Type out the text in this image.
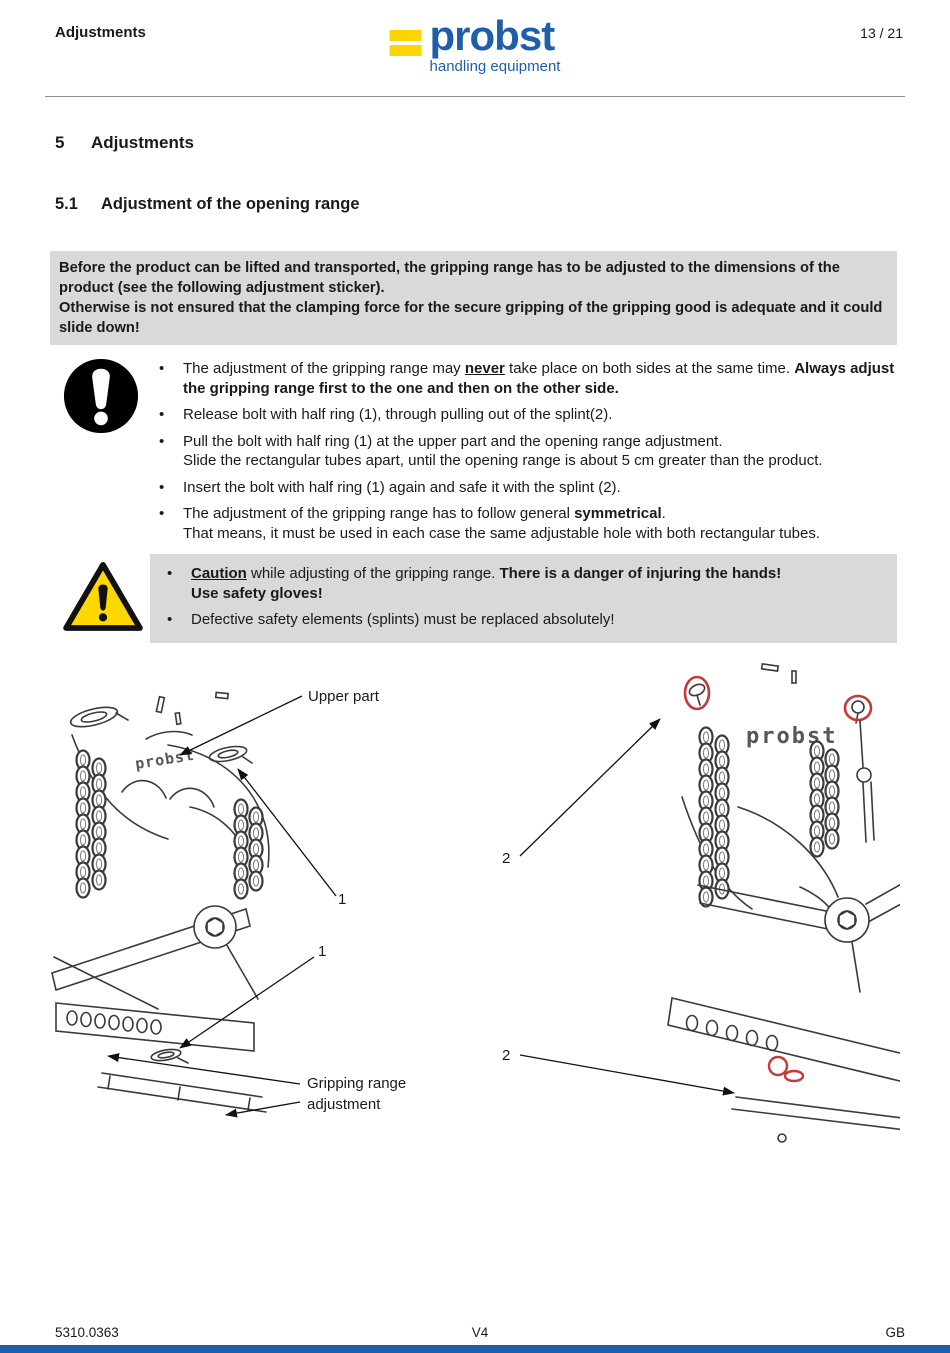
Adjustments	probst
handling equipment
13 / 21
5	Adjustments
5.1	Adjustment of the opening range

Before the product can be lifted and transported, the gripping range has to be adjusted to the dimensions of the product (see the following adjustment sticker).

Otherwise is not ensured that the clamping force for the secure gripping of the gripping good is adequate and it could slide down!

• The adjustment of the gripping range may never take place on both sides at the same time. Always adjust the gripping range first to the one and then on the other side.
• Release bolt with half ring (1), through pulling out of the splint(2).
• Pull the bolt with half ring (1) at the upper part and the opening range adjustment.
Slide the rectangular tubes apart, until the opening range is about 5 cm greater than the product.
• Insert the bolt with half ring (1) again and safe it with the splint (2).
• The adjustment of the gripping range has to follow general symmetrical.
That means, it must be used in each case the same adjustable hole with both rectangular tubes.
• Caution while adjusting of the gripping range. There is a danger of injuring the hands!
Use safety gloves!
• Defective safety elements (splints) must be replaced absolutely!
probst
Upper part
1
1
Gripping range
adjustment
probst
2
2
5310.0363	V4	GB
